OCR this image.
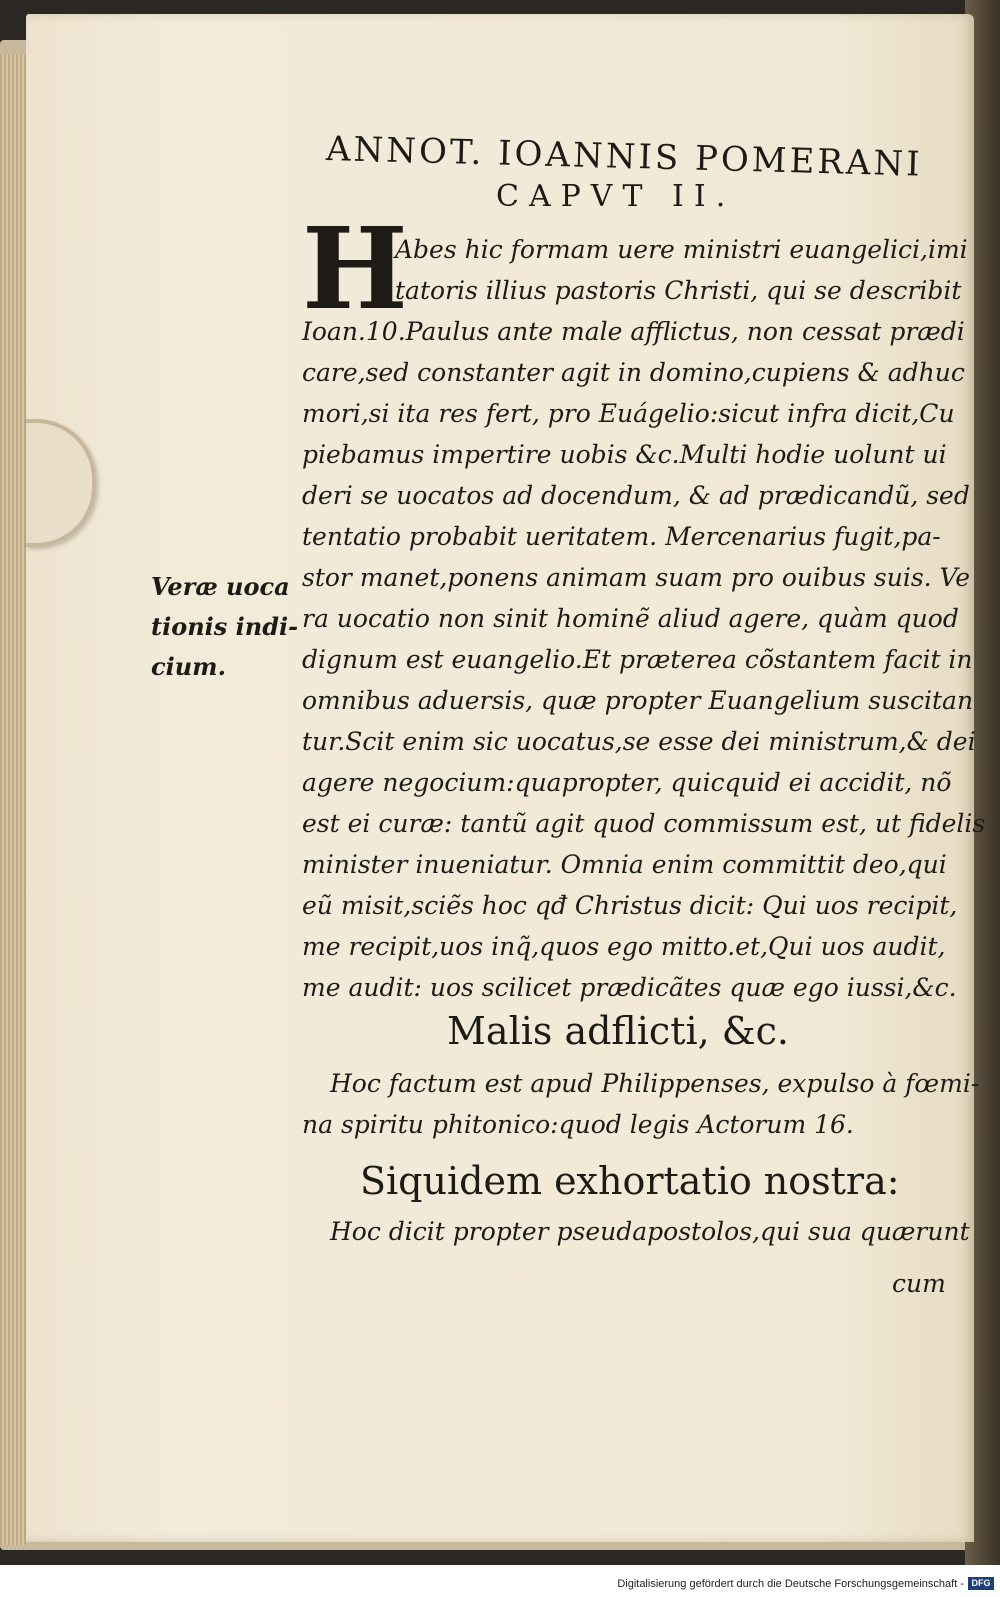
ANNOT. IOANNIS POMERANI
CAPVT II.
H
Abes hic formam uere ministri euangelici,imi
tatoris illius pastoris Christi, qui se describit
Ioan.10.Paulus ante male afflictus, non cessat prædi
care,sed constanter agit in domino,cupiens & adhuc
mori,si ita res fert, pro Euágelio:sicut infra dicit,Cu
piebamus impertire uobis &c.Multi hodie uolunt ui
deri se uocatos ad docendum, & ad prædicandũ, sed
tentatio probabit ueritatem. Mercenarius fugit,pa-
stor manet,ponens animam suam pro ouibus suis. Ve
ra uocatio non sinit hominẽ aliud agere, quàm quod
dignum est euangelio.Et præterea cõstantem facit in
omnibus aduersis, quæ propter Euangelium suscitan
tur.Scit enim sic uocatus,se esse dei ministrum,& dei
agere negocium:quapropter, quicquid ei accidit, nõ
est ei curæ: tantũ agit quod commissum est, ut fidelis
minister inueniatur. Omnia enim committit deo,qui
eũ misit,sciẽs hoc qđ Christus dicit: Qui uos recipit,
me recipit,uos inq̃,quos ego mitto.et,Qui uos audit,
me audit: uos scilicet prædicãtes quæ ego iussi,&c.
Malis adflicti, &c.
Hoc factum est apud Philippenses, expulso à fœmi-
na spiritu phitonico:quod legis Actorum 16.
Siquidem exhortatio nostra:
Hoc dicit propter pseudapostolos,qui sua quærunt
cum
Veræ uoca
tionis indi-
cium.
Digitalisierung gefördert durch die Deutsche Forschungsgemeinschaft - DFG
